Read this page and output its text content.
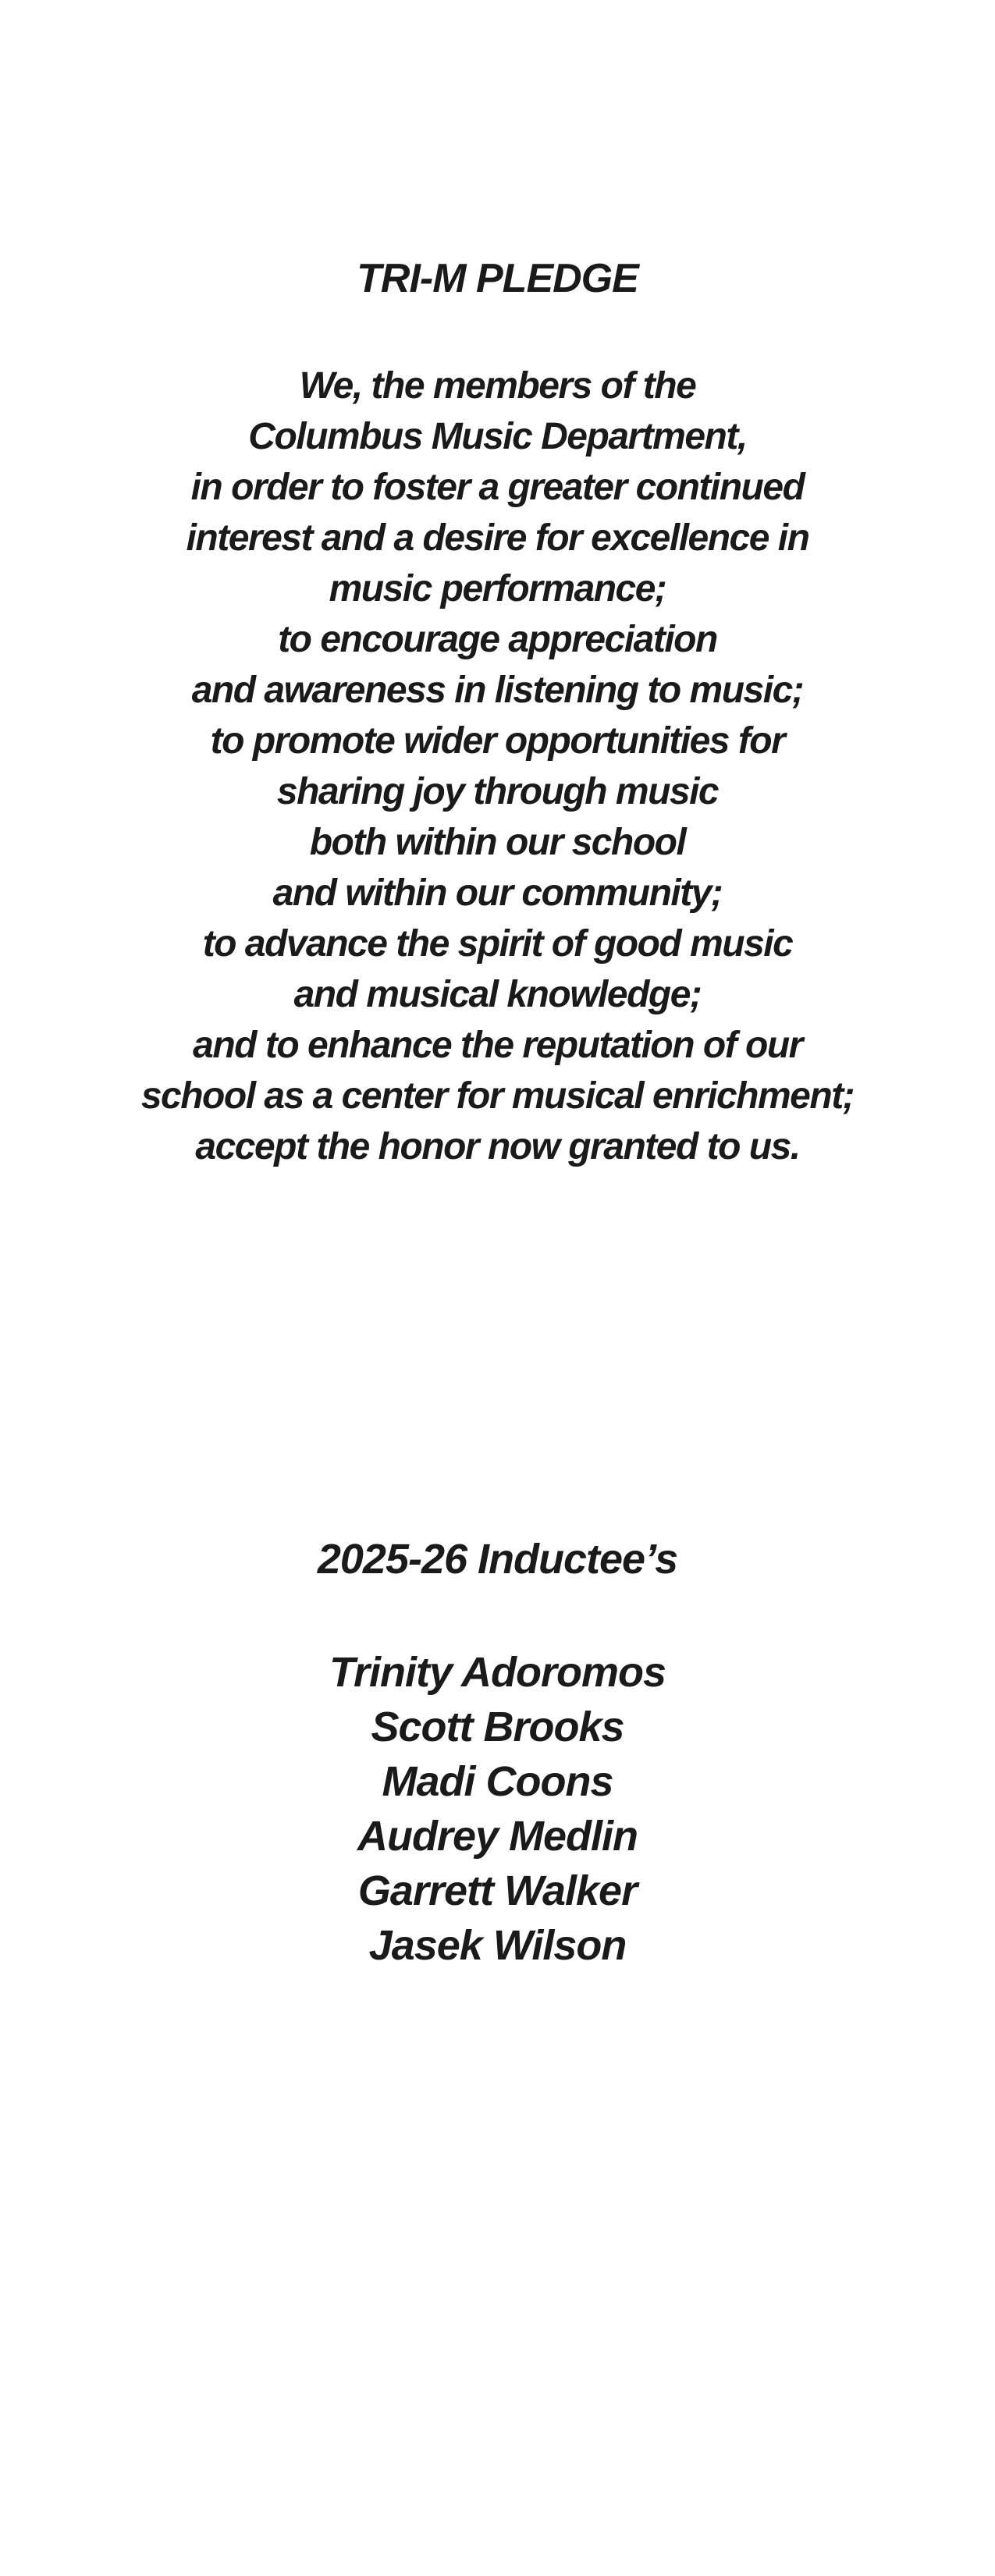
TRI-M PLEDGE
We, the members of the
Columbus Music Department,
in order to foster a greater continued
interest and a desire for excellence in
music performance;
to encourage appreciation
and awareness in listening to music;
to promote wider opportunities for
sharing joy through music
both within our school
and within our community;
to advance the spirit of good music
and musical knowledge;
and to enhance the reputation of our
school as a center for musical enrichment;
accept the honor now granted to us.
2025-26 Inductee’s
Trinity Adoromos
Scott Brooks
Madi Coons
Audrey Medlin
Garrett Walker
Jasek Wilson
